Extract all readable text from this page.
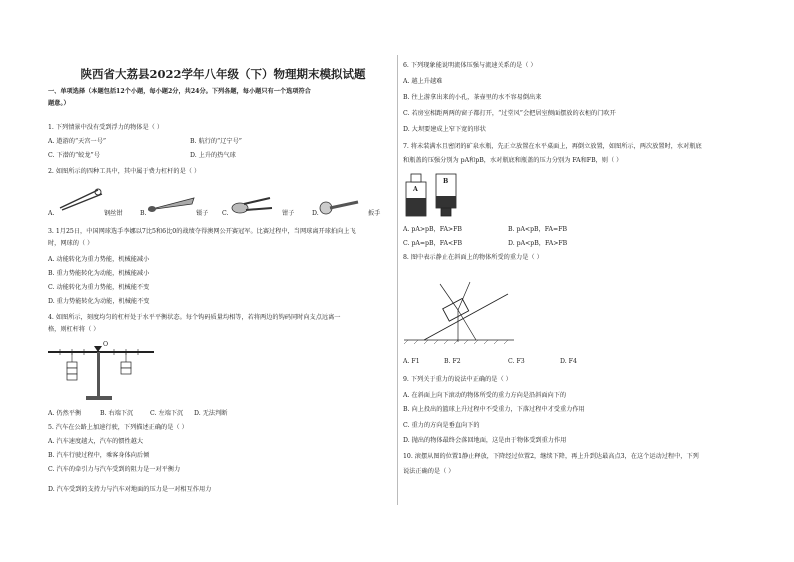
陕西省大荔县2022学年八年级（下）物理期末模拟试题
一、单项选择（本题包括12个小题，每小题2分，共24分。下列各题，每小题只有一个选项符合
题意。）
1. 下列情景中没有受到浮力的物体是（ ）
A. 遨游的“天宫一号”	B. 航行的“辽宁号”
C. 下潜的“蛟龙”号	D. 上升的热气球
2. 如图所示的四种工具中，其中属于费力杠杆的是（ ）
A.	钢丝钳	B.	镊子 C.	钳子	D.	扳手
3. 1月25日，中国网球选手李娜以7比5和6比0的战绩夺得澳网公开赛冠军。比赛过程中，当网球离开球拍向上飞
时，网球的（ ）
A. 动能转化为重力势能，机械能减小
B. 重力势能转化为动能，机械能减小
C. 动能转化为重力势能，机械能不变
D. 重力势能转化为动能，机械能不变
4. 如图所示，刻度均匀的杠杆处于水平平衡状态。每个钩码质量均相等，若将两边的钩码同时向支点远离一
格，则杠杆将（ ）
O
A. 仍然平衡	B. 右端下沉	C. 左端下沉 D. 无法判断
5. 汽车在公路上加速行驶，下列描述正确的是（ ）
A. 汽车速度越大，汽车的惯性越大
B. 汽车行驶过程中，乘客身体向后倾
C. 汽车的牵引力与汽车受到的阻力是一对平衡力
D. 汽车受到的支持力与汽车对地面的压力是一对相互作用力
6. 下列现象能说明流体压强与流速关系的是（ ）
A. 越上升越难
B. 往上游拿出来的小孔，茶壶里的水不容易倒出来
C. 若房室相距两两的窗子都打开，“过堂风”会把居室侧面摆放的衣柜的门吹开
D. 大坝要建成上窄下宽的形状
7. 将未装满水且密闭的矿泉水瓶，先正立放置在水平桌面上，再倒立放置，如图所示，两次放置时，水对瓶底
和瓶盖的压强分别为 pA和pB，水对瓶底和瓶盖的压力分别为 FA和FB，则（ ）
A
B
A. pA>pB，FA>FB	B. pA<pB，FA=FB
C. pA=pB，FA<FB	D. pA<pB，FA>FB
8. 图中表示静止在斜面上的物体所受的重力是（ ）
A. F1	B. F2	C. F3	D. F4
9. 下列关于重力的说法中正确的是（ ）
A. 在斜面上向下滚动的物体所受的重力方向是沿斜面向下的
B. 向上投出的篮球上升过程中不受重力，下落过程中才受重力作用
C. 重力的方向是垂直向下的
D. 抛出的物体最终会落回地面，这是由于物体受到重力作用
10. 滚摆从图的位置1静止释放，下降经过位置2，继续下降，再上升到达最高点3，在这个运动过程中，下列
说法正确的是（ ）
